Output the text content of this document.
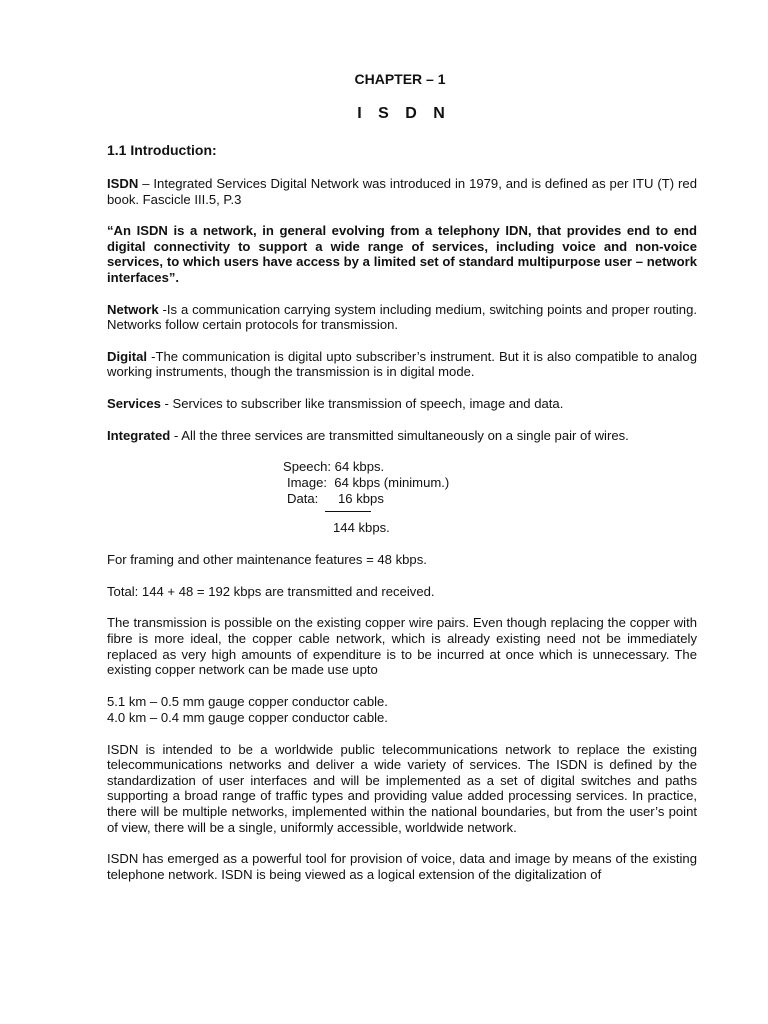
CHAPTER – 1
I S D N
1.1 Introduction:

ISDN – Integrated Services Digital Network was introduced in 1979, and is defined as per ITU (T) red book. Fascicle III.5, P.3

“An ISDN is a network, in general evolving from a telephony IDN, that provides end to end digital connectivity to support a wide range of services, including voice and non-voice services, to which users have access by a limited set of standard multipurpose user – network interfaces”.

Network -Is a communication carrying system including medium, switching points and proper routing. Networks follow certain protocols for transmission.

Digital -The communication is digital upto subscriber’s instrument. But it is also compatible to analog working instruments, though the transmission is in digital mode.

Services - Services to subscriber like transmission of speech, image and data.

Integrated - All the three services are transmitted simultaneously on a single pair of wires.

Speech: 64 kbps.
Image:  64 kbps (minimum.)
Data:	16 kbps
144 kbps.

For framing and other maintenance features = 48 kbps.

Total: 144 + 48 = 192 kbps are transmitted and received.

The transmission is possible on the existing copper wire pairs. Even though replacing the copper with fibre is more ideal, the copper cable network, which is already existing need not be immediately replaced as very high amounts of expenditure is to be incurred at once which is unnecessary. The existing copper network can be made use upto

5.1 km – 0.5 mm gauge copper conductor cable.
4.0 km – 0.4 mm gauge copper conductor cable.

ISDN is intended to be a worldwide public telecommunications network to replace the existing telecommunications networks and deliver a wide variety of services. The ISDN is defined by the standardization of user interfaces and will be implemented as a set of digital switches and paths supporting a broad range of traffic types and providing value added processing services. In practice, there will be multiple networks, implemented within the national boundaries, but from the user’s point of view, there will be a single, uniformly accessible, worldwide network.

ISDN has emerged as a powerful tool for provision of voice, data and image by means of the existing telephone network. ISDN is being viewed as a logical extension of the digitalization of
